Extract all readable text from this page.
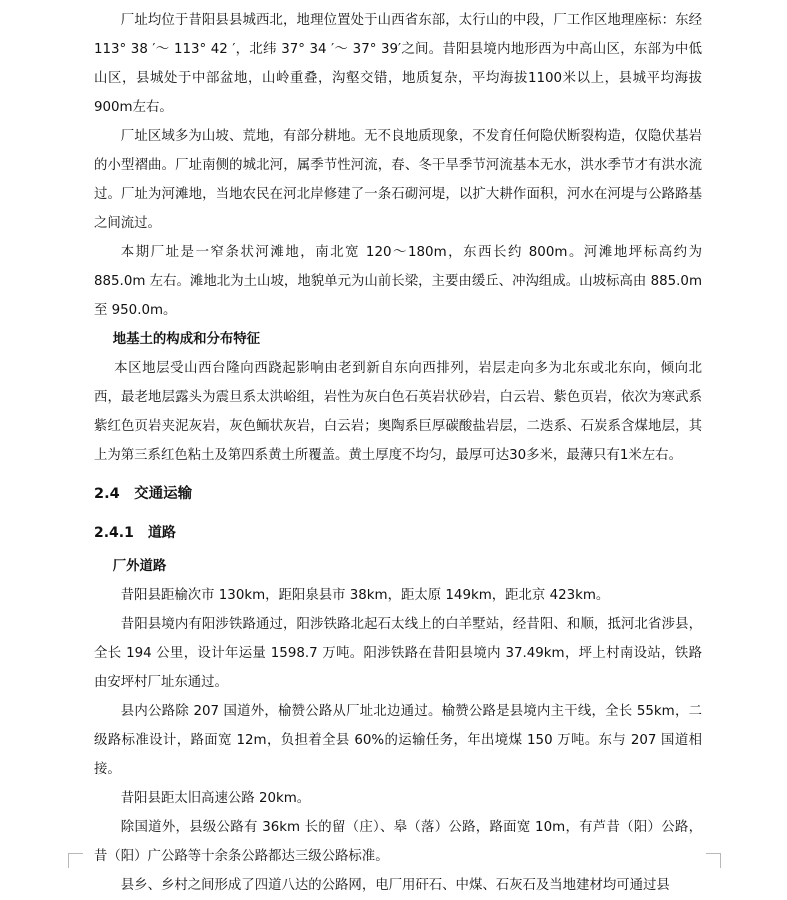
厂址均位于昔阳县县城西北，地理位置处于山西省东部，太行山的中段，厂工作区地理座标：东经 113° 38 ′～ 113° 42 ′，北纬 37° 34 ′～ 37° 39′之间。昔阳县境内地形西为中高山区，东部为中低山区，县城处于中部盆地，山岭重叠，沟壑交错，地质复杂，平均海拔1100米以上，县城平均海拔900m左右。

厂址区域多为山坡、荒地，有部分耕地。无不良地质现象，不发育任何隐伏断裂构造，仅隐伏基岩的小型褶曲。厂址南侧的城北河，属季节性河流，春、冬干旱季节河流基本无水，洪水季节才有洪水流过。厂址为河滩地，当地农民在河北岸修建了一条石砌河堤，以扩大耕作面积，河水在河堤与公路路基之间流过。

本期厂址是一窄条状河滩地，南北宽 120～180m，东西长约 800m。河滩地坪标高约为 885.0m 左右。滩地北为土山坡，地貌单元为山前长梁，主要由缓丘、冲沟组成。山坡标高由 885.0m 至 950.0m。

地基土的构成和分布特征

本区地层受山西台隆向西跷起影响由老到新自东向西排列，岩层走向多为北东或北东向，倾向北西，最老地层露头为震旦系太洪峪组，岩性为灰白色石英岩状砂岩，白云岩、紫色页岩，依次为寒武系紫红色页岩夹泥灰岩，灰色鲕状灰岩，白云岩；奥陶系巨厚碳酸盐岩层，二迭系、石炭系含煤地层，其上为第三系红色粘土及第四系黄土所覆盖。黄土厚度不均匀，最厚可达30多米，最薄只有1米左右。

2.4　交通运输

2.4.1　道路

厂外道路

昔阳县距榆次市 130km，距阳泉县市 38km，距太原 149km，距北京 423km。

昔阳县境内有阳涉铁路通过，阳涉铁路北起石太线上的白羊墅站，经昔阳、和顺，抵河北省涉县，全长 194 公里，设计年运量 1598.7 万吨。阳涉铁路在昔阳县境内 37.49km，坪上村南设站，铁路由安坪村厂址东通过。

县内公路除 207 国道外，榆赞公路从厂址北边通过。榆赞公路是县境内主干线，全长 55km，二级路标准设计，路面宽 12m，负担着全县 60%的运输任务，年出境煤 150 万吨。东与 207 国道相接。

昔阳县距太旧高速公路 20km。

除国道外，县级公路有 36km 长的留（庄）、皋（落）公路，路面宽 10m，有芦昔（阳）公路，昔（阳）广公路等十余条公路都达三级公路标准。

县乡、乡村之间形成了四道八达的公路网，电厂用矸石、中煤、石灰石及当地建材均可通过县
